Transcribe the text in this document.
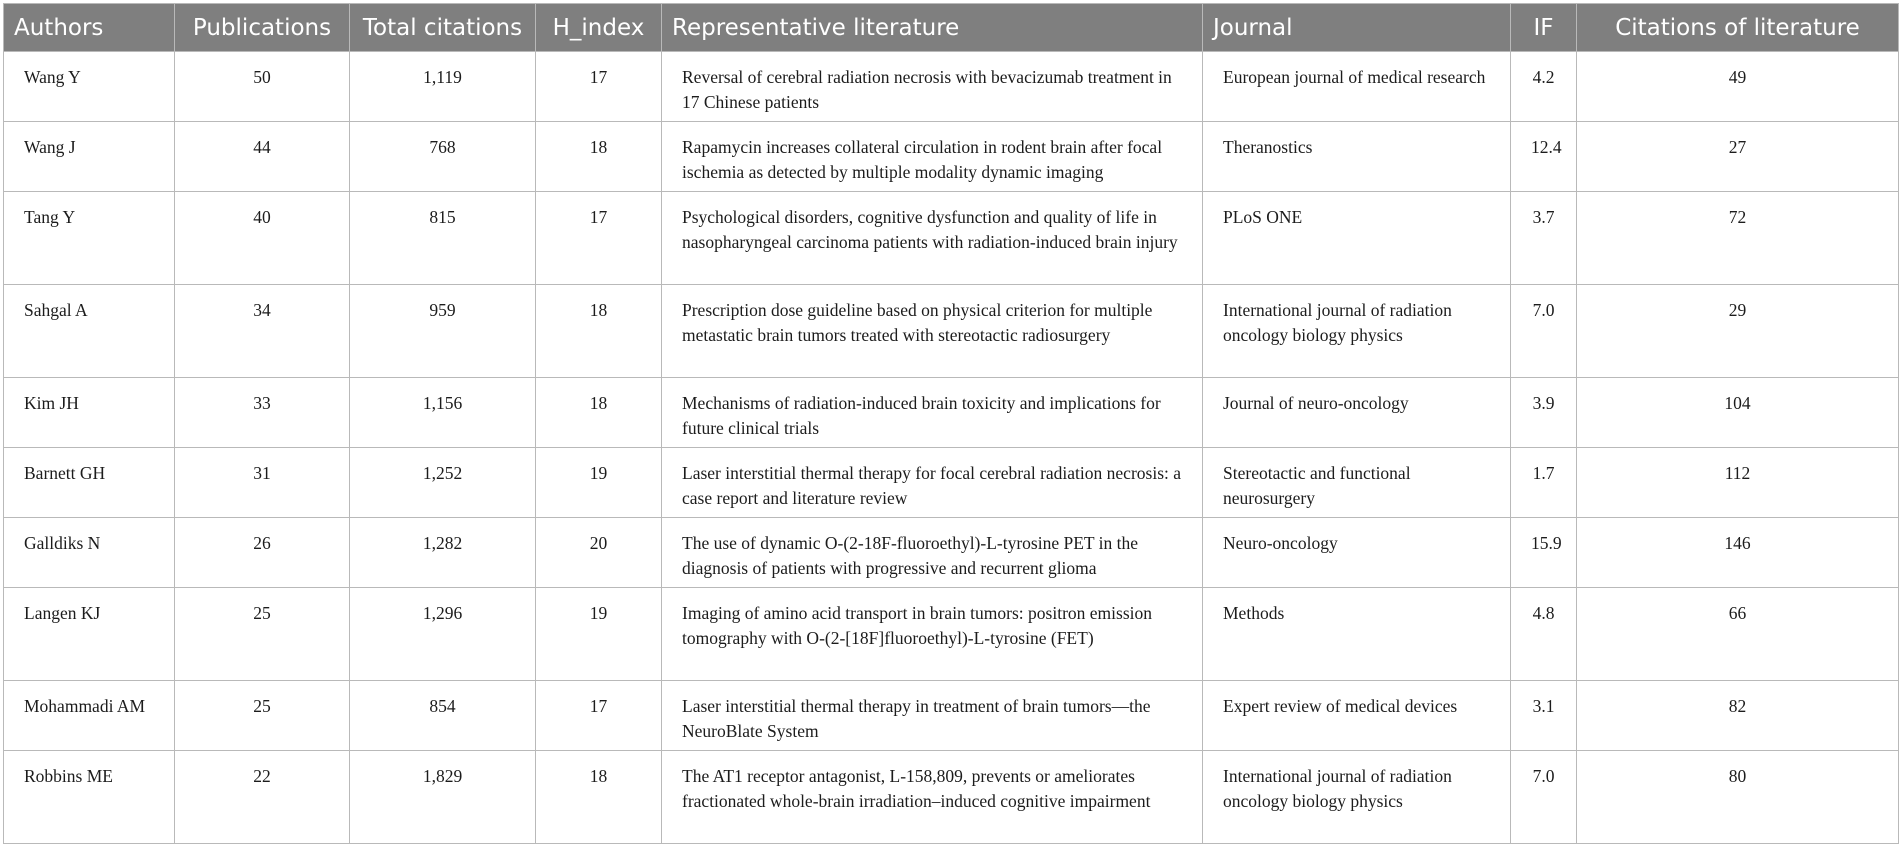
Authors	Publications	Total citations	H_index	Representative literature	Journal	IF	Citations of literature
Wang Y	50	1,119	17	Reversal of cerebral radiation necrosis with bevacizumab treatment in 17 Chinese patients	European journal of medical research	4.2	49
Wang J	44	768	18	Rapamycin increases collateral circulation in rodent brain after focal ischemia as detected by multiple modality dynamic imaging	Theranostics	12.4	27
Tang Y	40	815	17	Psychological disorders, cognitive dysfunction and quality of life in nasopharyngeal carcinoma patients with radiation-induced brain injury	PLoS ONE	3.7	72
Sahgal A	34	959	18	Prescription dose guideline based on physical criterion for multiple metastatic brain tumors treated with stereotactic radiosurgery	International journal of radiation oncology biology physics	7.0	29
Kim JH	33	1,156	18	Mechanisms of radiation-induced brain toxicity and implications for future clinical trials	Journal of neuro-oncology	3.9	104
Barnett GH	31	1,252	19	Laser interstitial thermal therapy for focal cerebral radiation necrosis: a case report and literature review	Stereotactic and functional neurosurgery	1.7	112
Galldiks N	26	1,282	20	The use of dynamic O-(2-18F-fluoroethyl)-L-tyrosine PET in the diagnosis of patients with progressive and recurrent glioma	Neuro-oncology	15.9	146
Langen KJ	25	1,296	19	Imaging of amino acid transport in brain tumors: positron emission tomography with O-(2-[18F]fluoroethyl)-L-tyrosine (FET)	Methods	4.8	66
Mohammadi AM	25	854	17	Laser interstitial thermal therapy in treatment of brain tumors—the NeuroBlate System	Expert review of medical devices	3.1	82
Robbins ME	22	1,829	18	The AT1 receptor antagonist, L-158,809, prevents or ameliorates fractionated whole-brain irradiation–induced cognitive impairment	International journal of radiation oncology biology physics	7.0	80
